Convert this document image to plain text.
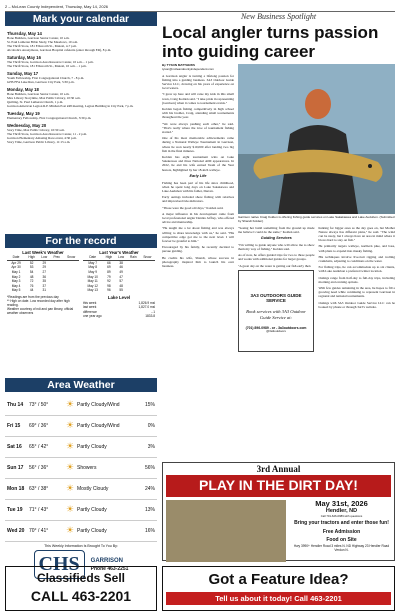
2 – McLean County Independent, Thursday, May 14, 2026
Mark your calendar
Thursday, May 14
Bone Builders, Garrison Senior Center, 10 a.m.
St. Paul Lutheran Bible Study, The Meadows, 10 a.m.
The Thrift Store, 181 Ellsworth St., Makoti, 4-7 p.m.
Alcoholics Anonymous, Garrison Hospital cafeteria (enter through ER), 8 p.m.
Saturday, May 16
The Thrift Store, Garrison Area Resource Center, 10 a.m. - 1 p.m.
The Thrift Store, 181 Ellsworth St., Makoti, 10 a.m. - 1 p.m.
Sunday, May 17
Youth Fellowship, First Congregational Church, 7 - 8 p.m.
GHS FFA Lake Run, Garrison City Park, 5:30 p.m.
Monday, May 18
Bone Builders, Garrison Senior Center, 10 a.m.
Max Library Storytime, Max Public Library, 10:30 a.m.
Quilting, St. Paul Lutheran Church, 1 p.m.
Garrison American Legion R.P. Minhan Post #48 meeting, Legion Building in City Park, 7 p.m.
Tuesday, May 19
Elementary Fellowship, First Congregational Church, 3:30 p.m.
Wednesday, May 20
Story Time, Max Public Library, 10:30 a.m.
The Thrift Store, Garrison Area Resource Center, 11 - 2 p.m.
Garrison Elementary Amazing Race event, 4:30 p.m.
Story Time, Garrison Public Library, 11:15 a.m.
For the record
Last Week's Weather
Date	High	Low	Prec	Snow
Apr 29	52	29		
Apr 30	53	29		
May 1	54	27		
May 2	48	36		
May 3	72	35		
May 4	76	37		
May 5	44	31		
Last Year's Weather
Date	High	Low	Rain	Snow
May 7	66	38		
May 8	69	46		
May 9	89	49		
May 10	79	47		
May 11	92	57		
May 12	98	48		
May 13	96	55		
*Readings are from the previous day
** High on date. Low recorded day after high reading.
Weather courtesy of ndi and pan library, official weather observers
Lake Level
this week	1,826.9 msl
last week	1,827.0 msl
difference	-.1
one year ago	1833.8
Area Weather
Thu 14	73° / 50°	☀ Partly Cloudy/Wind	15%
Fri 15	69° / 36°	☀ Partly Cloudy/Wind	0%
Sat 16	65° / 42°	☀ Partly Cloudy	3%
Sun 17	56° / 36°	☀ Showers	56%
Mon 18 63° / 38°	☀ Mostly Cloudy	24%
Tue 19	71° / 43°	☀ Partly Cloudy	13%
Wed 20 70° / 41°	☀ Partly Cloudy	16%
This Weekly Information Is Brought To You By:
CHS	GARRISON
Phone 463-2251
Classifieds Sell
CALL 463-2201
New Business Spotlight
Local angler turns passion into guiding career
By TYSON MATTHEWS
tyson@mcleandountyindependent.com

A Garrison angler is turning a lifelong passion for fishing into a guiding business. 3A3 Outdoor Guide Service LLC, drawing on his years of experience on local waters.

"I grew up here and will raise my kids in this small town, Craig Kolden said. "I take pride in representing (Garrison) when it comes to tournament events."

Kolden began fishing competitively in high school with his brother, Craig, attending small tournaments throughout the year.

"We were always pushing each other," he said. "That's really where the love of tournament fishing started."

One of his most memorable achievements came during a National Walleye Tournament in Garrison, where he won nearly $10,000 after landing two big fish in the final minutes.

Kolden has eight tournament wins on Lake Sakakawea and three National AIM appearances. In 2022, he and his wife earned Team of the Year honors, highlighted by her 18-inch walleye.

Early Life

Fishing has been part of his life since childhood, when he spent long days on Lake Sakakawea and Lake Audubon with his father, Darren.

Early outings included shore fishing with relatives and improvised tide-indicators.

"Those were the good old days," Kolden said.

A major influence in his development came from local professional angler Dennis Jeffrey, who offered advice and mentorship.

"He taught me a lot about fishing and was always willing to share knowledge with us," he said. "His competitive edge got me to the next level. I will forever be grateful to him."

Encouraged by his family, he recently decided to pursue guiding.

He credits his wife, Shandi, whose success in photography inspired him to launch his own business.

Garrison native Craig Kolden is offering fishing guide services on Lake Sakakawea and Lake Audubon. (Submitted by Shandi Kolden)

"Seeing her build something from the ground up made me believe I could do the same," Kolden said.

Guiding Services

"I'm willing to guide anyone who will allow me to show them my way of fishing," Kolden said.

As of now, he offers guided trips for two to three people and works with additional guides for larger groups.

"A great day on the water is getting our fish early then

3A3 OUTDOORS GUIDE SERVICE
Book services with 3A3 Outdoor Guide Service at:
(701) 896-0989 - or - 3a3outdoors.com
@3a3outdoors

hunting for bigger ones as the day goes on, but Mother Nature always has different plans," he said. "The wind can be nasty, but I always have an area in mind where it blows hard to stay on fish."

He primarily targets walleye, northern pike, and bass, with plans to expand into musky fishing.

His techniques involve live-bait rigging and trolling crankbaits, adjusting to conditions on the water.

For fishing trips, he can accommodate up to six clients, with Lake Audubon a preferred winter location.

Outings range from half-day to full-day trips, including morning and evening options.

With few guides remaining in the area, he hopes to fill a growing need while continuing to represent Garrison in regional and national tournaments.

Outings with 3A3 Outdoor Guide Service LLC can be booked by phone or through 3A3's website.

3rd Annual
PLAY IN THE DIRT DAY!
May 31st, 2026
Hendler, ND
Call 701-626-0989 with questions
Bring your tractors and enter those fun!
Free Admission
Food on Site
Hwy 3990+ Hendler Road 3 miles N. ND Highway 23 Hendler Road Verdun N.
Got a Feature Idea?
Tell us about it today! Call 463-2201
